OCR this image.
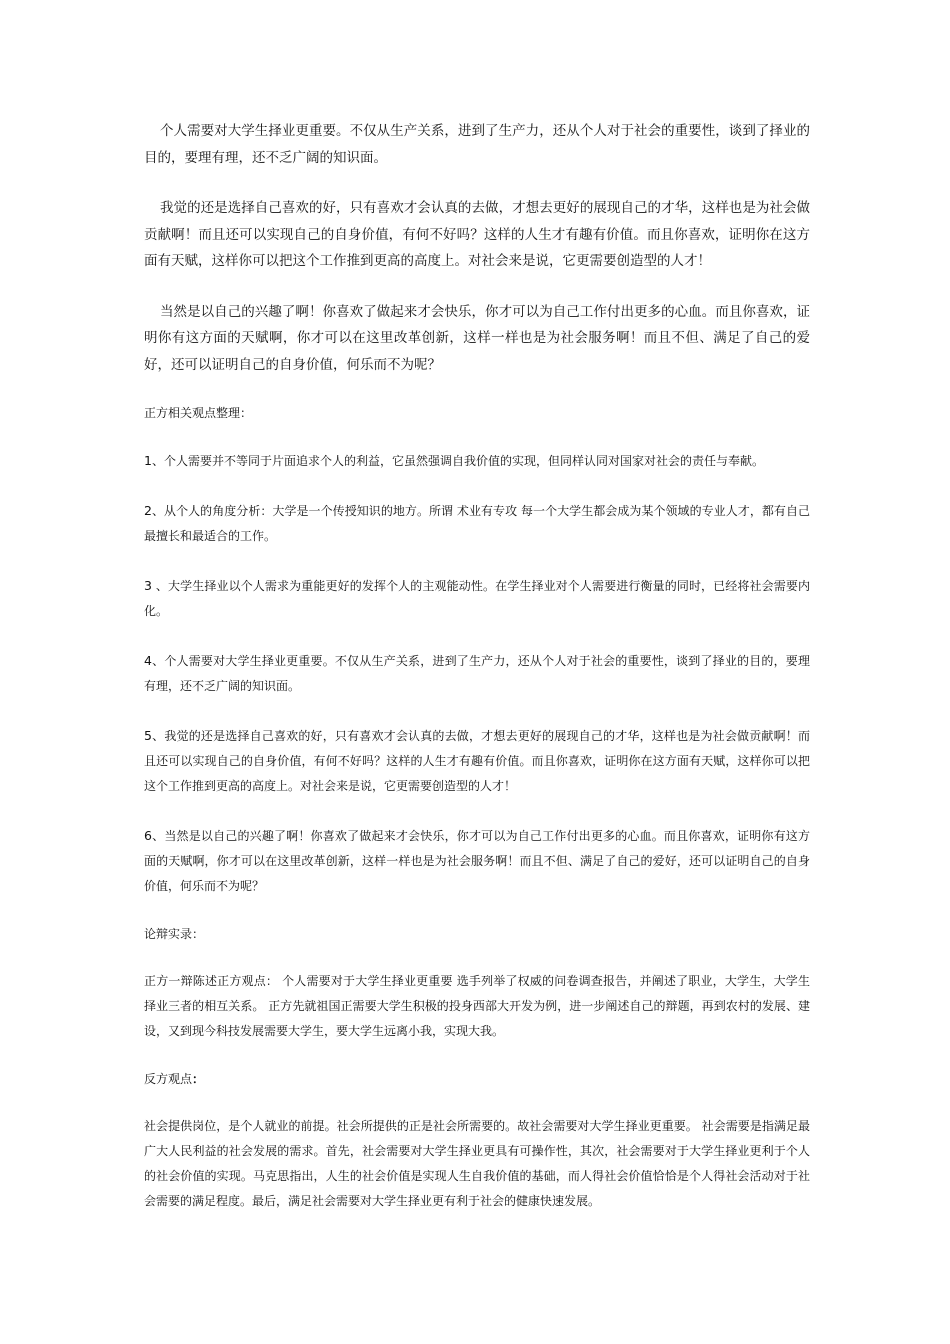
个人需要对大学生择业更重要。不仅从生产关系，进到了生产力，还从个人对于社会的重要性，谈到了择业的目的，要理有理，还不乏广阔的知识面。

我觉的还是选择自己喜欢的好，只有喜欢才会认真的去做，才想去更好的展现自己的才华，这样也是为社会做贡献啊！而且还可以实现自己的自身价值，有何不好吗？这样的人生才有趣有价值。而且你喜欢，证明你在这方面有天赋，这样你可以把这个工作推到更高的高度上。对社会来是说，它更需要创造型的人才！

当然是以自己的兴趣了啊！你喜欢了做起来才会快乐，你才可以为自己工作付出更多的心血。而且你喜欢，证明你有这方面的天赋啊，你才可以在这里改革创新，这样一样也是为社会服务啊！而且不但、满足了自己的爱好，还可以证明自己的自身价值，何乐而不为呢？

正方相关观点整理：

1、个人需要并不等同于片面追求个人的利益，它虽然强调自我价值的实现，但同样认同对国家对社会的责任与奉献。

2、从个人的角度分析：大学是一个传授知识的地方。所谓 术业有专攻 每一个大学生都会成为某个领域的专业人才，都有自己最擅长和最适合的工作。

3 、大学生择业以个人需求为重能更好的发挥个人的主观能动性。在学生择业对个人需要进行衡量的同时，已经将社会需要内化。

4、个人需要对大学生择业更重要。不仅从生产关系，进到了生产力，还从个人对于社会的重要性，谈到了择业的目的，要理有理，还不乏广阔的知识面。

5、我觉的还是选择自己喜欢的好，只有喜欢才会认真的去做，才想去更好的展现自己的才华，这样也是为社会做贡献啊！而且还可以实现自己的自身价值，有何不好吗？这样的人生才有趣有价值。而且你喜欢，证明你在这方面有天赋，这样你可以把这个工作推到更高的高度上。对社会来是说，它更需要创造型的人才！

6、当然是以自己的兴趣了啊！你喜欢了做起来才会快乐，你才可以为自己工作付出更多的心血。而且你喜欢，证明你有这方面的天赋啊，你才可以在这里改革创新，这样一样也是为社会服务啊！而且不但、满足了自己的爱好，还可以证明自己的自身价值，何乐而不为呢？

论辩实录：

正方一辩陈述正方观点： 个人需要对于大学生择业更重要 选手列举了权威的问卷调查报告，并阐述了职业，大学生，大学生择业三者的相互关系。 正方先就祖国正需要大学生积极的投身西部大开发为例，进一步阐述自己的辩题，再到农村的发展、建设，又到现今科技发展需要大学生，要大学生远离小我，实现大我。

反方观点：

社会提供岗位，是个人就业的前提。社会所提供的正是社会所需要的。故社会需要对大学生择业更重要。 社会需要是指满足最广大人民利益的社会发展的需求。首先，社会需要对大学生择业更具有可操作性，其次，社会需要对于大学生择业更利于个人的社会价值的实现。马克思指出，人生的社会价值是实现人生自我价值的基础，而人得社会价值恰恰是个人得社会活动对于社会需要的满足程度。最后，满足社会需要对大学生择业更有利于社会的健康快速发展。
